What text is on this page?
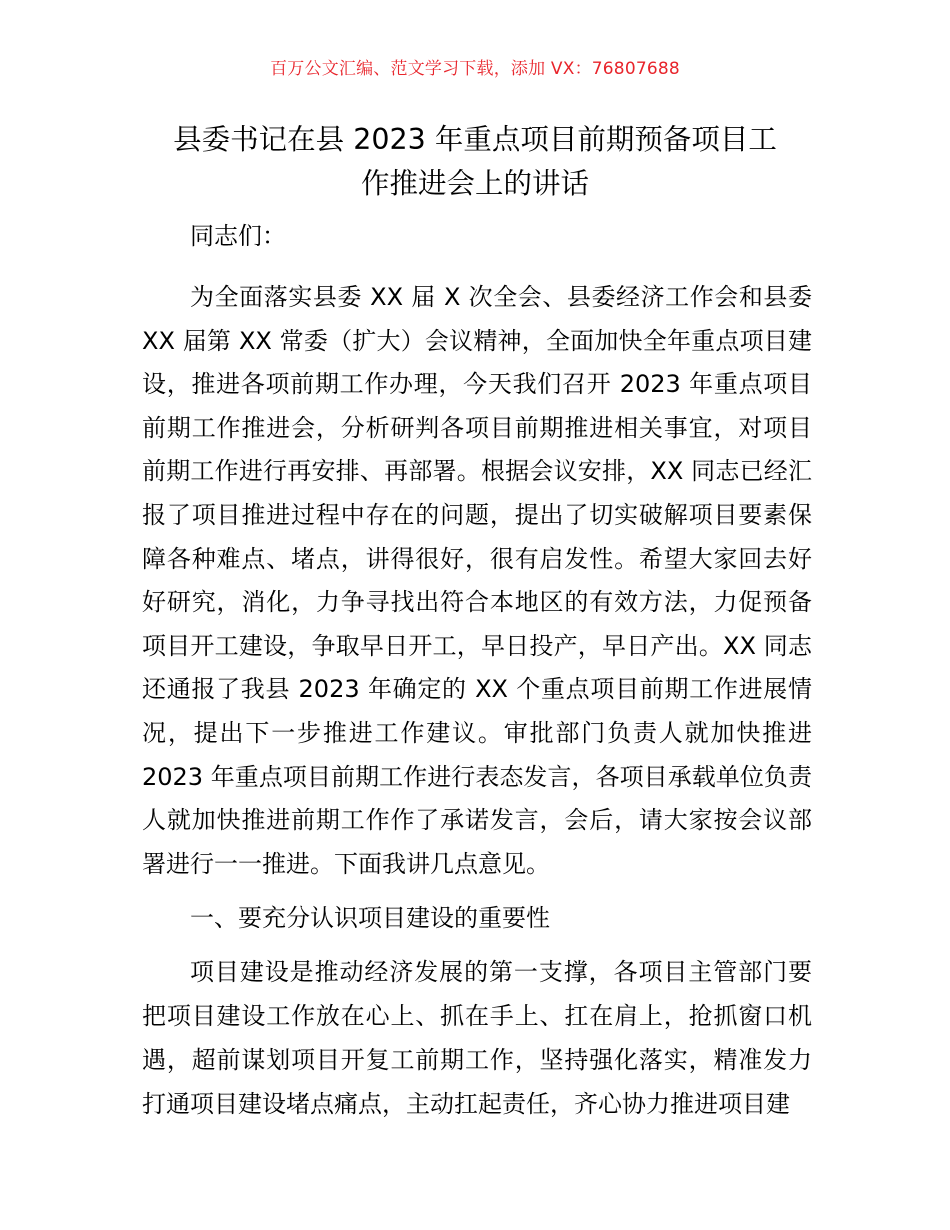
百万公文汇编、范文学习下载，添加 VX：76807688
县委书记在县 2023 年重点项目前期预备项目工
作推进会上的讲话

同志们：

为全面落实县委 XX 届 X 次全会、县委经济工作会和县委 XX 届第 XX 常委（扩大）会议精神，全面加快全年重点项目建设，推进各项前期工作办理，今天我们召开 2023 年重点项目前期工作推进会，分析研判各项目前期推进相关事宜，对项目前期工作进行再安排、再部署。根据会议安排，XX 同志已经汇报了项目推进过程中存在的问题，提出了切实破解项目要素保障各种难点、堵点，讲得很好，很有启发性。希望大家回去好好研究，消化，力争寻找出符合本地区的有效方法，力促预备项目开工建设，争取早日开工，早日投产，早日产出。XX 同志还通报了我县 2023 年确定的 XX 个重点项目前期工作进展情况，提出下一步推进工作建议。审批部门负责人就加快推进 2023 年重点项目前期工作进行表态发言，各项目承载单位负责人就加快推进前期工作作了承诺发言，会后，请大家按会议部署进行一一推进。下面我讲几点意见。

一、要充分认识项目建设的重要性

项目建设是推动经济发展的第一支撑，各项目主管部门要把项目建设工作放在心上、抓在手上、扛在肩上，抢抓窗口机遇，超前谋划项目开复工前期工作，坚持强化落实，精准发力打通项目建设堵点痛点，主动扛起责任，齐心协力推进项目建
